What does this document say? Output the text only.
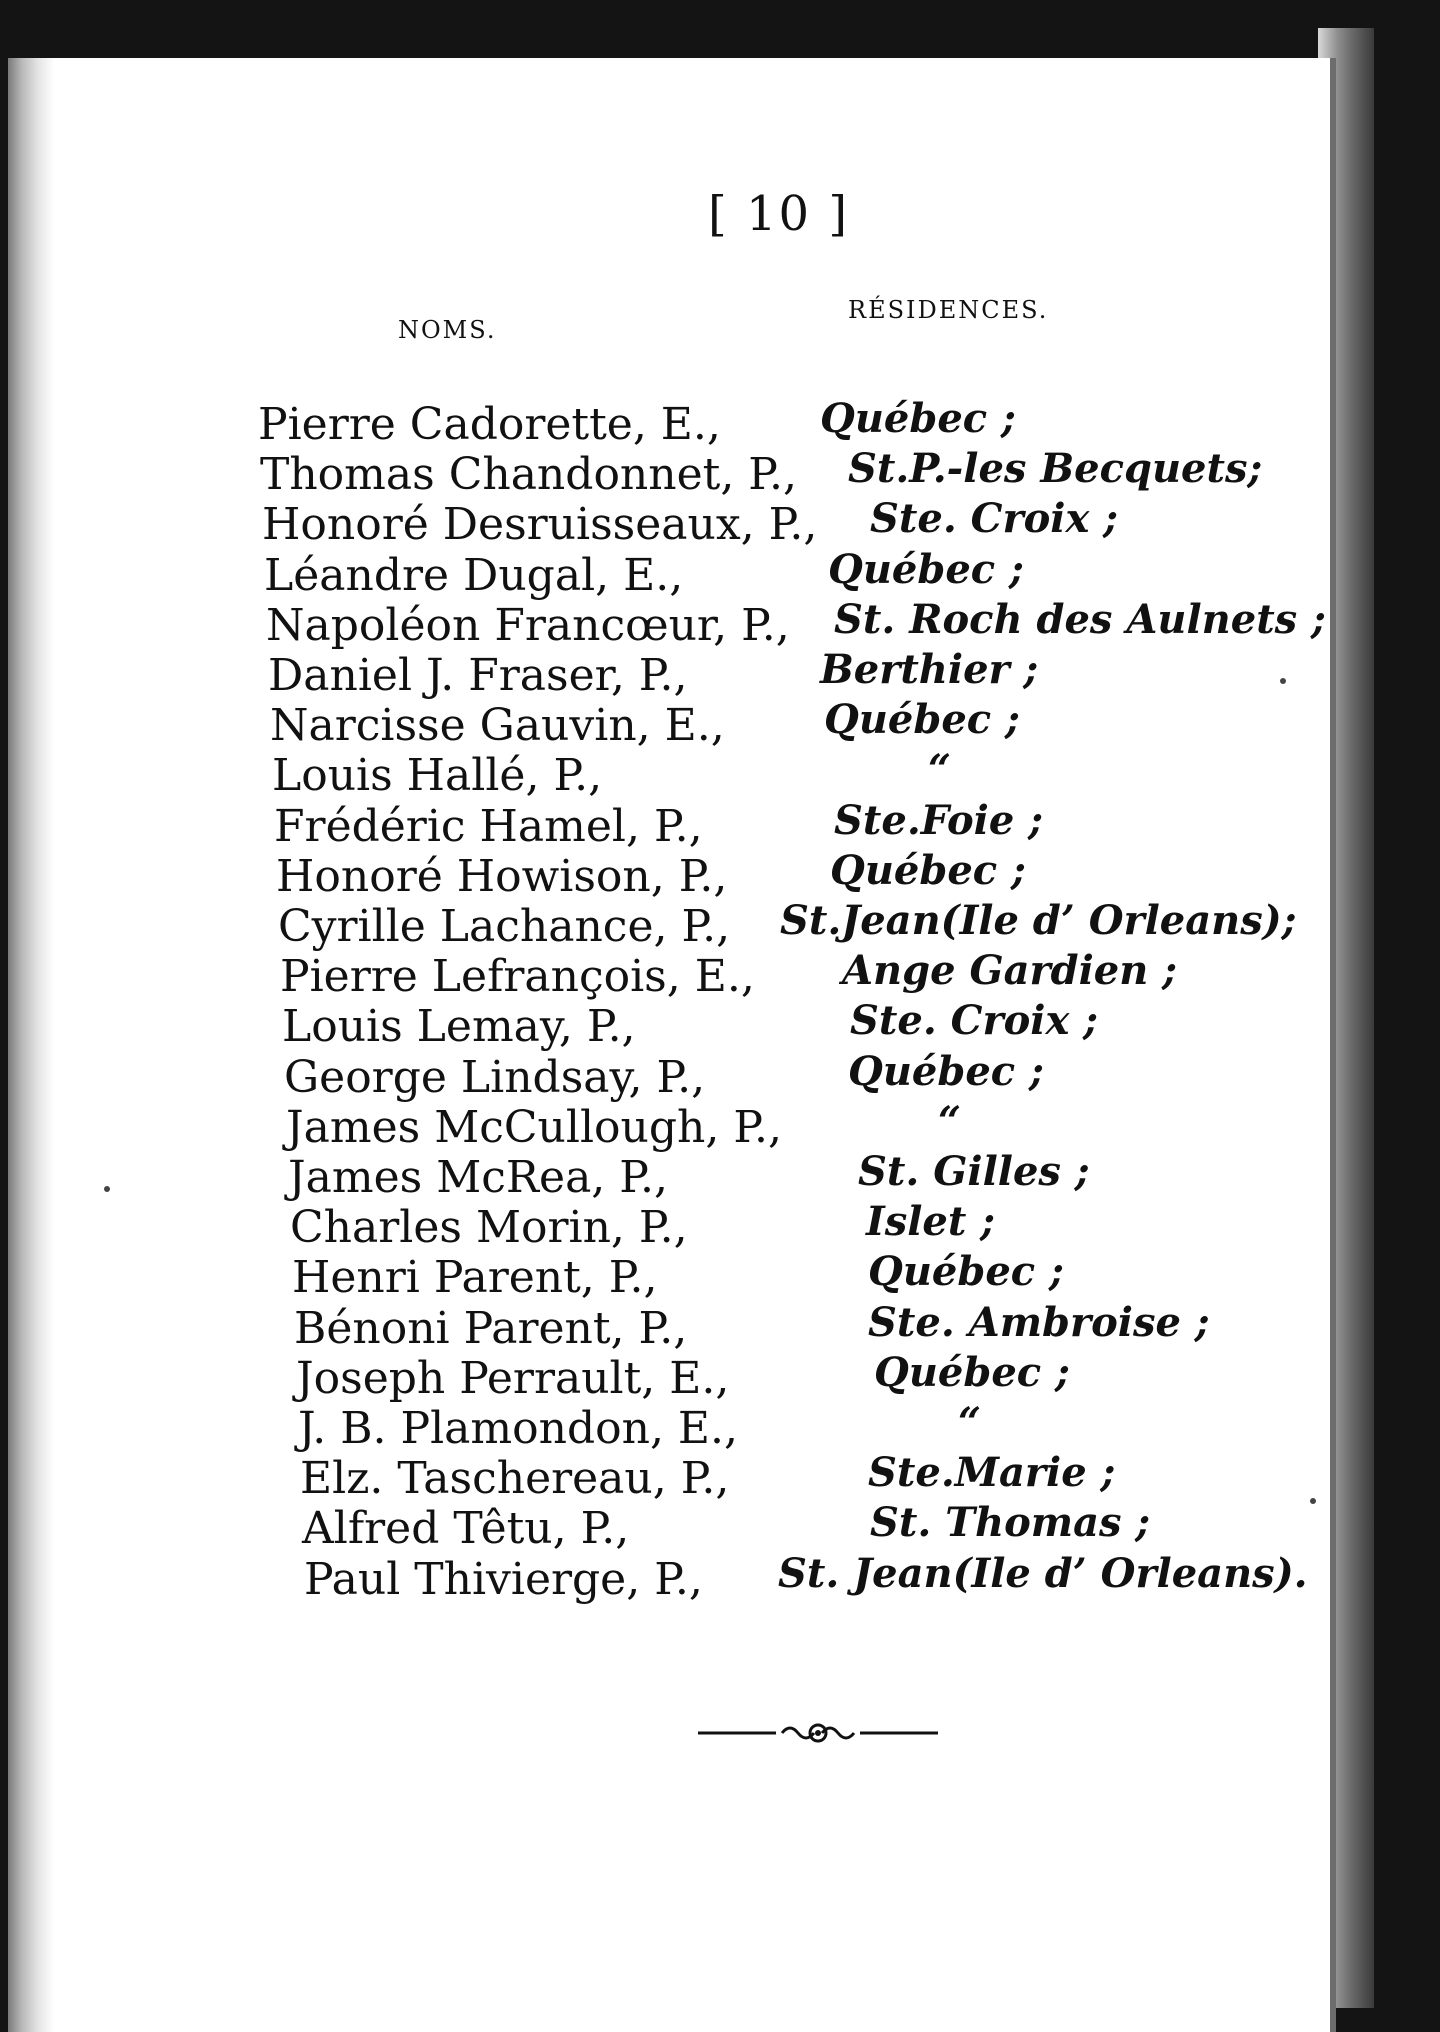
[ 10 ]
NOMS.
RÉSIDENCES.
Pierre Cadorette, E., Québec ;
Thomas Chandonnet, P., St.P.-les Becquets;
Honoré Desruisseaux, P., Ste. Croix ;
Léandre Dugal, E.,	Québec ;
Napoléon Francœur, P., St. Roch des Aulnets ;
Daniel J. Fraser, P.,	Berthier ;
Narcisse Gauvin, E., Québec ;
Louis Hallé, P.,	“
Frédéric Hamel, P.,	Ste.Foie ;
Honoré Howison, P.,	Québec ;
Cyrille Lachance, P., St.Jean(Ile d’ Orleans);
Pierre Lefrançois, E., Ange Gardien ;
Louis Lemay, P.,	Ste. Croix ;
George Lindsay, P.,	Québec ;
James McCullough, P.,	“
James McRea, P.,	St. Gilles ;
Charles Morin, P.,	Islet ;
Henri Parent, P.,	Québec ;
Bénoni Parent, P.,	Ste. Ambroise ;
Joseph Perrault, E.,	Québec ;
J. B. Plamondon, E.,	“
Elz. Taschereau, P.,	Ste.Marie ;
Alfred Têtu, P.,	St. Thomas ;
Paul Thivierge, P., St. Jean(Ile d’ Orleans).
